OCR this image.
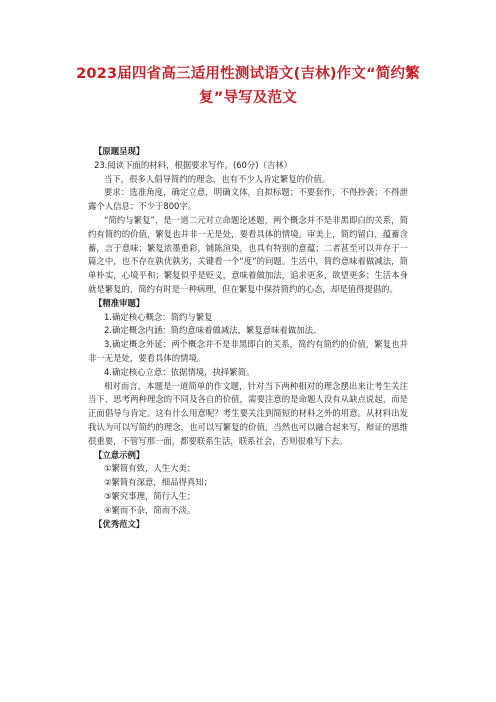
2023届四省高三适用性测试语文(吉林)作文“简约繁复”导写及范文

【原题呈现】

23.阅读下面的材料，根据要求写作。(60分)（吉林）

当下，很多人倡导简约的理念，也有不少人肯定繁复的价值。

要求：选准角度，确定立意，明确文体，自拟标题；不要套作，不得抄袭；不得泄露个人信息；不少于800字。

“简约与繁复”，是一道二元对立命题论述题，两个概念并不是非黑即白的关系，简约有简约的价值，繁复也并非一无是处，要看具体的情境。审美上，简约留白，蕴蓄含蓄，言于意味；繁复浓墨重彩，铺陈渲染，也具有特别的意蕴；二者甚至可以并存于一篇之中，也不存在孰优孰劣，关键看一个“度”的问题。生活中，简约意味着做减法，简单朴实，心境平和；繁复似乎是贬义，意味着做加法，追求更多，欲望更多；生活本身就是繁复的，简约有时是一种病理，但在繁复中保持简约的心态，却是值得提倡的。

【精准审题】

1.确定核心概念：简约与繁复

2.确定概念内涵：简约意味着做减法，繁复意味着做加法。

3.确定概念外延：两个概念并不是非黑即白的关系，简约有简约的价值，繁复也并非一无是处，要看具体的情境。

4.确定核心立意：依据情境，抉择繁简。

相对而言，本题是一道简单的作文题，针对当下两种相对的理念摆出来让考生关注当下，思考两种理念的不同及各自的价值，需要注意的是命题人没有从缺点说起，而是正面倡导与肯定。这有什么用意呢？考生要关注到简短的材料之外的用意。从材料出发我认为可以写简约的理念，也可以写繁复的价值，当然也可以融合起来写，辩证的思维很重要，不管写那一面，都要联系生活，联系社会，否则很难写下去。

【立意示例】

①繁简有致，人生大美；

②繁简有深意，细品得真知；

③繁究事理，简行人生；

④繁而不杂，简而不淡。

【优秀范文】
